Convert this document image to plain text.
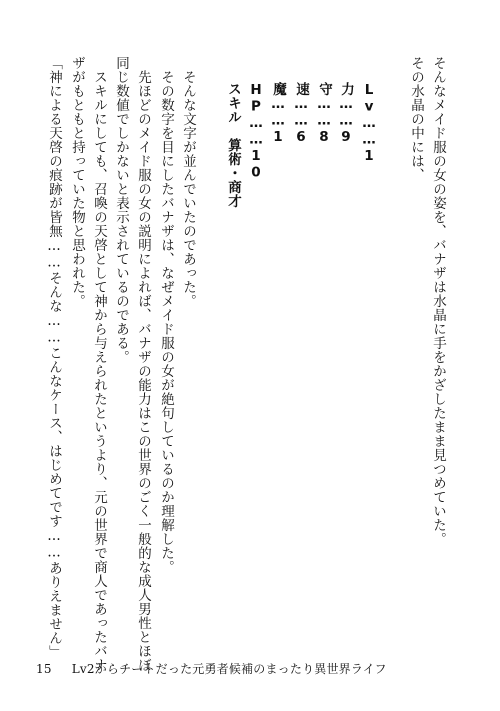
そんなメイド服の女の姿を、バナザは水晶に手をかざしたまま見つめていた。
その水晶の中には、
Lv……1
力……9
守……8
速……6
魔……1
HP……10
スキル　算術・商才
そんな文字が並んでいたのであった。
その数字を目にしたバナザは、なぜメイド服の女が絶句しているのか理解した。
先ほどのメイド服の女の説明によれば、バナザの能力はこの世界のごく一般的な成人男性とほぼ
同じ数値でしかないと表示されているのである。
スキルにしても、召喚の天啓として神から与えられたというより、元の世界で商人であったバナ
ザがもともと持っていた物と思われた。
「神による天啓の痕跡が皆無……そんな……こんなケース、はじめてです……ありえません」
15 Lv2からチートだった元勇者候補のまったり異世界ライフ
